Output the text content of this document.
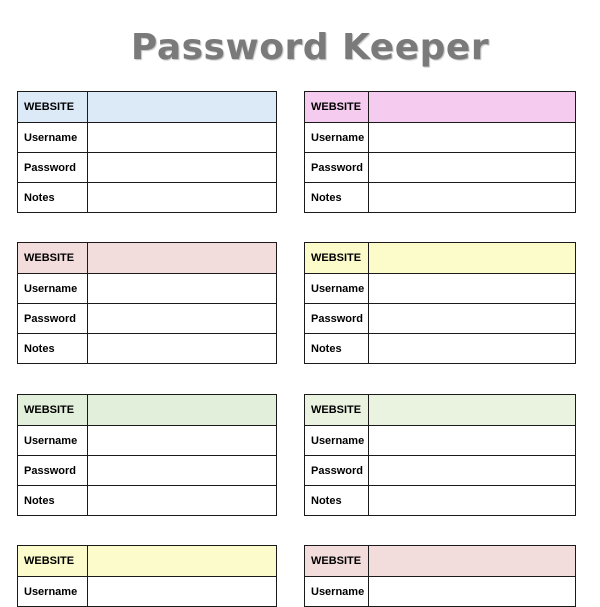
Password Keeper
WEBSITE
Username
Password
Notes
WEBSITE
Username
Password
Notes
WEBSITE
Username
Password
Notes
WEBSITE
Username
Password
Notes
WEBSITE
Username
Password
Notes
WEBSITE
Username
Password
Notes
WEBSITE
Username
WEBSITE
Username
